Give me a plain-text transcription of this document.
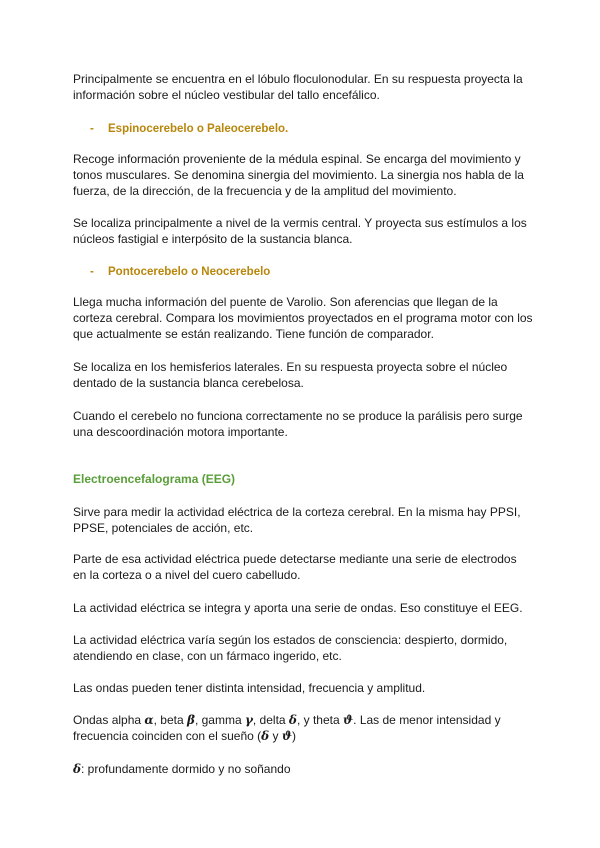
Principalmente se encuentra en el lóbulo floculonodular. En su respuesta proyecta la información sobre el núcleo vestibular del tallo encefálico.

- Espinocerebelo o Paleocerebelo.

Recoge información proveniente de la médula espinal. Se encarga del movimiento y tonos musculares. Se denomina sinergia del movimiento. La sinergia nos habla de la fuerza, de la dirección, de la frecuencia y de la amplitud del movimiento.

Se localiza principalmente a nivel de la vermis central. Y proyecta sus estímulos a los núcleos fastigial e interpósito de la sustancia blanca.

- Pontocerebelo o Neocerebelo

Llega mucha información del puente de Varolio. Son aferencias que llegan de la corteza cerebral. Compara los movimientos proyectados en el programa motor con los que actualmente se están realizando. Tiene función de comparador.

Se localiza en los hemisferios laterales. En su respuesta proyecta sobre el núcleo dentado de la sustancia blanca cerebelosa.

Cuando el cerebelo no funciona correctamente no se produce la parálisis pero surge una descoordinación motora importante.

Electroencefalograma (EEG)

Sirve para medir la actividad eléctrica de la corteza cerebral. En la misma hay PPSI, PPSE, potenciales de acción, etc.

Parte de esa actividad eléctrica puede detectarse mediante una serie de electrodos en la corteza o a nivel del cuero cabelludo.

La actividad eléctrica se integra y aporta una serie de ondas. Eso constituye el EEG.

La actividad eléctrica varía según los estados de consciencia: despierto, dormido, atendiendo en clase, con un fármaco ingerido, etc.

Las ondas pueden tener distinta intensidad, frecuencia y amplitud.

Ondas alpha α, beta β, gamma γ, delta δ, y theta ϑ. Las de menor intensidad y frecuencia coinciden con el sueño (δ y ϑ)

δ: profundamente dormido y no soñando
